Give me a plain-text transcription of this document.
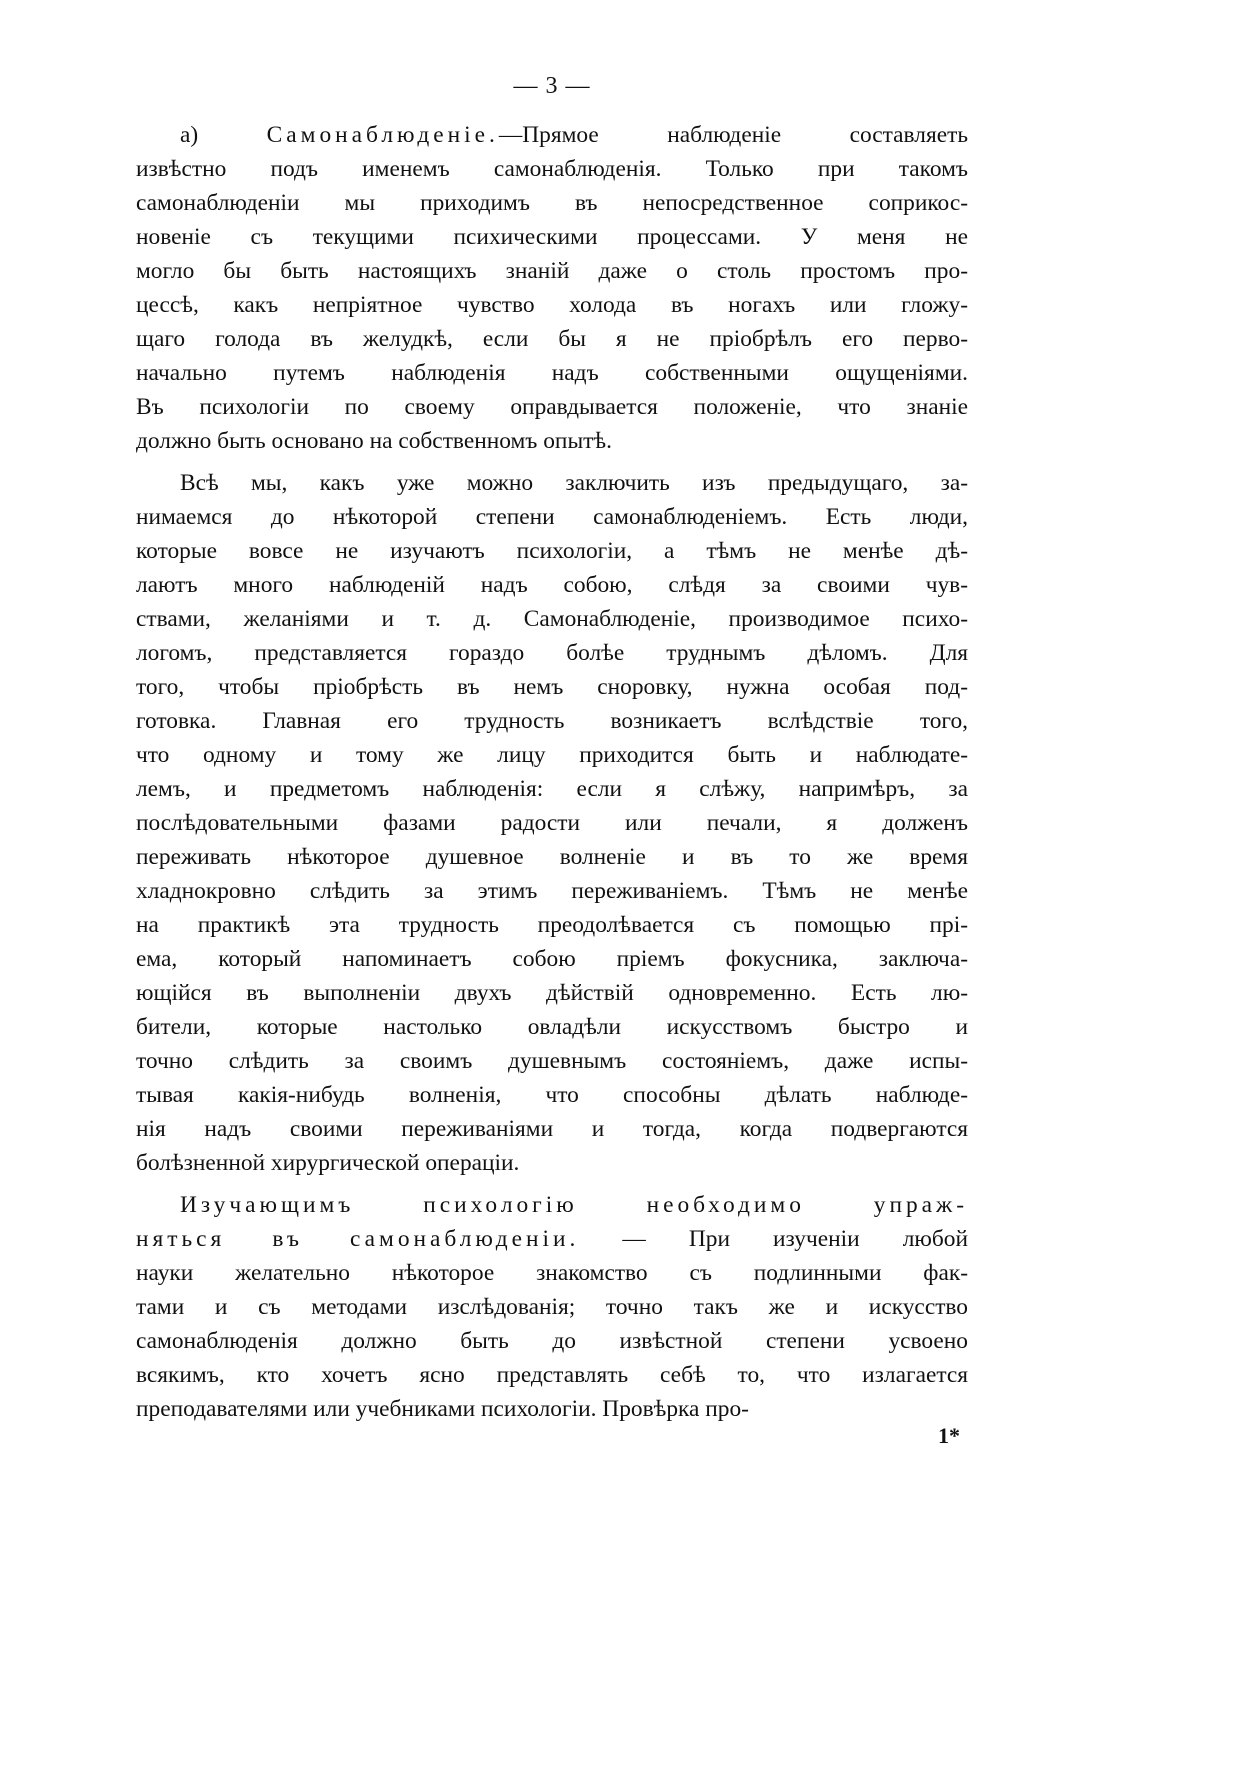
— 3 —

а) Самонаблюденіе.—Прямое наблюденіе составляеть
извѣстно подъ именемъ самонаблюденія. Только при такомъ
самонаблюденіи мы приходимъ въ непосредственное соприкос-
новеніе съ текущими психическими процессами. У меня не
могло бы быть настоящихъ знаній даже о столь простомъ про-
цессѣ, какъ непріятное чувство холода въ ногахъ или гложу-
щаго голода въ желудкѣ, если бы я не пріобрѣлъ его перво-
начально путемъ наблюденія надъ собственными ощущеніями.
Въ психологіи по своему оправдывается положеніе, что знаніе
должно быть основано на собственномъ опытѣ.

Всѣ мы, какъ уже можно заключить изъ предыдущаго, за-
нимаемся до нѣкоторой степени самонаблюденіемъ. Есть люди,
которые вовсе не изучаютъ психологіи, а тѣмъ не менѣе дѣ-
лаютъ много наблюденій надъ собою, слѣдя за своими чув-
ствами, желаніями и т. д. Самонаблюденіе, производимое психо-
логомъ, представляется гораздо болѣе труднымъ дѣломъ. Для
того, чтобы пріобрѣсть въ немъ сноровку, нужна особая под-
готовка. Главная его трудность возникаетъ вслѣдствіе того,
что одному и тому же лицу приходится быть и наблюдате-
лемъ, и предметомъ наблюденія: если я слѣжу, напримѣръ, за
послѣдовательными фазами радости или печали, я долженъ
переживать нѣкоторое душевное волненіе и въ то же время
хладнокровно слѣдить за этимъ переживаніемъ. Тѣмъ не менѣе
на практикѣ эта трудность преодолѣвается съ помощью прі-
ема, который напоминаетъ собою пріемъ фокусника, заключа-
ющійся въ выполненіи двухъ дѣйствій одновременно. Есть лю-
бители, которые настолько овладѣли искусствомъ быстро и
точно слѣдить за своимъ душевнымъ состояніемъ, даже испы-
тывая какія-нибудь волненія, что способны дѣлать наблюде-
нія надъ своими переживаніями и тогда, когда подвергаются
болѣзненной хирургической операціи.

Изучающимъ психологію необходимо упраж-
няться въ самонаблюденіи. — При изученіи любой
науки желательно нѣкоторое знакомство съ подлинными фак-
тами и съ методами изслѣдованія; точно такъ же и искусство
самонаблюденія должно быть до извѣстной степени усвоено
всякимъ, кто хочетъ ясно представлять себѣ то, что излагается
преподавателями или учебниками психологіи. Провѣрка про-

1*
